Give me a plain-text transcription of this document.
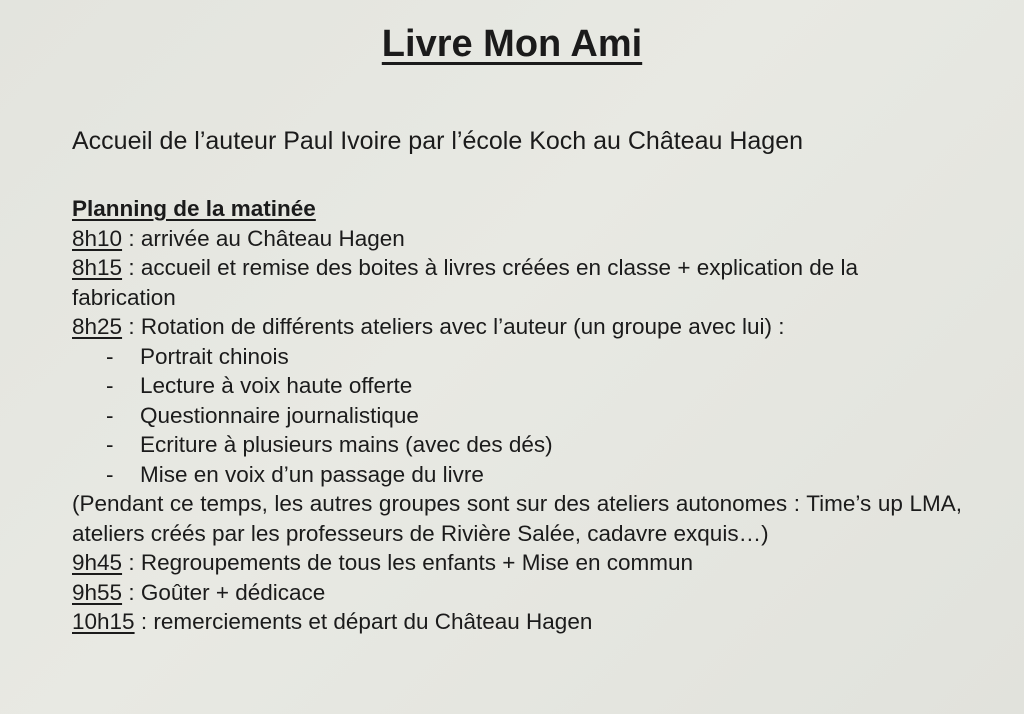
Livre Mon Ami
Accueil de l’auteur Paul Ivoire par l’école Koch au Château Hagen
Planning de la matinée

8h10 : arrivée au Château Hagen

8h15 : accueil et remise des boites à livres créées en classe + explication de la fabrication

8h25 : Rotation de différents ateliers avec l’auteur (un groupe avec lui) :

- Portrait chinois
- Lecture à voix haute offerte
- Questionnaire journalistique
- Ecriture à plusieurs mains (avec des dés)
- Mise en voix d’un passage du livre

(Pendant ce temps, les autres groupes sont sur des ateliers autonomes : Time’s up LMA, ateliers créés par les professeurs de Rivière Salée, cadavre exquis…)

9h45 : Regroupements de tous les enfants + Mise en commun

9h55 : Goûter + dédicace

10h15 : remerciements et départ du Château Hagen
